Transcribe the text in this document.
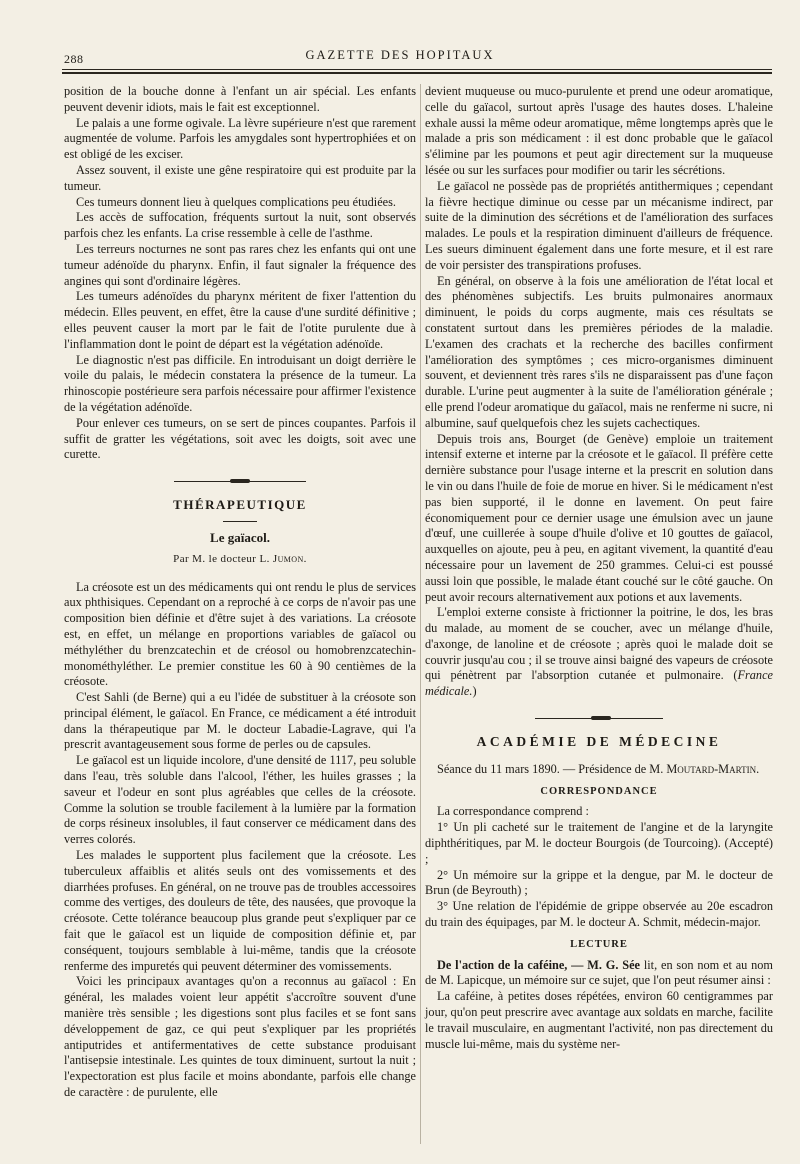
288	GAZETTE DES HOPITAUX

position de la bouche donne à l'enfant un air spécial. Les enfants peuvent devenir idiots, mais le fait est exceptionnel.

Le palais a une forme ogivale. La lèvre supérieure n'est que rarement augmentée de volume. Parfois les amygdales sont hypertrophiées et on est obligé de les exciser.

Assez souvent, il existe une gêne respiratoire qui est produite par la tumeur.

Ces tumeurs donnent lieu à quelques complications peu étudiées.

Les accès de suffocation, fréquents surtout la nuit, sont observés parfois chez les enfants. La crise ressemble à celle de l'asthme.

Les terreurs nocturnes ne sont pas rares chez les enfants qui ont une tumeur adénoïde du pharynx. Enfin, il faut signaler la fréquence des angines qui sont d'ordinaire légères.

Les tumeurs adénoïdes du pharynx méritent de fixer l'attention du médecin. Elles peuvent, en effet, être la cause d'une surdité définitive ; elles peuvent causer la mort par le fait de l'otite purulente due à l'inflammation dont le point de départ est la végétation adénoïde.

Le diagnostic n'est pas difficile. En introduisant un doigt derrière le voile du palais, le médecin constatera la présence de la tumeur. La rhinoscopie postérieure sera parfois nécessaire pour affirmer l'existence de la végétation adénoïde.

Pour enlever ces tumeurs, on se sert de pinces coupantes. Parfois il suffit de gratter les végétations, soit avec les doigts, soit avec une curette.

THÉRAPEUTIQUE
Le gaïacol.
Par M. le docteur L. Jumon.

La créosote est un des médicaments qui ont rendu le plus de services aux phthisiques. Cependant on a reproché à ce corps de n'avoir pas une composition bien définie et d'être sujet à des variations. La créosote est, en effet, un mélange en proportions variables de gaïacol ou méthyléther du brenzcatechin et de créosol ou homobrenzcatechin-monométhyléther. Le premier constitue les 60 à 90 centièmes de la créosote.

C'est Sahli (de Berne) qui a eu l'idée de substituer à la créosote son principal élément, le gaïacol. En France, ce médicament a été introduit dans la thérapeutique par M. le docteur Labadie-Lagrave, qui l'a prescrit avantageusement sous forme de perles ou de capsules.

Le gaïacol est un liquide incolore, d'une densité de 1117, peu soluble dans l'eau, très soluble dans l'alcool, l'éther, les huiles grasses ; la saveur et l'odeur en sont plus agréables que celles de la créosote. Comme la solution se trouble facilement à la lumière par la formation de corps résineux insolubles, il faut conserver ce médicament dans des verres colorés.

Les malades le supportent plus facilement que la créosote. Les tuberculeux affaiblis et alités seuls ont des vomissements et des diarrhées profuses. En général, on ne trouve pas de troubles accessoires comme des vertiges, des douleurs de tête, des nausées, que provoque la créosote. Cette tolérance beaucoup plus grande peut s'expliquer par ce fait que le gaïacol est un liquide de composition définie et, par conséquent, toujours semblable à lui-même, tandis que la créosote renferme des impuretés qui peuvent déterminer des vomissements.

Voici les principaux avantages qu'on a reconnus au gaïacol : En général, les malades voient leur appétit s'accroître souvent d'une manière très sensible ; les digestions sont plus faciles et se font sans développement de gaz, ce qui peut s'expliquer par les propriétés antiputrides et antifermentatives de cette substance produisant l'antisepsie intestinale. Les quintes de toux diminuent, surtout la nuit ; l'expectoration est plus facile et moins abondante, parfois elle change de caractère : de purulente, elle

devient muqueuse ou muco-purulente et prend une odeur aromatique, celle du gaïacol, surtout après l'usage des hautes doses. L'haleine exhale aussi la même odeur aromatique, même longtemps après que le malade a pris son médicament : il est donc probable que le gaïacol s'élimine par les poumons et peut agir directement sur la muqueuse lésée ou sur les surfaces pour modifier ou tarir les sécrétions.

Le gaïacol ne possède pas de propriétés antithermiques ; cependant la fièvre hectique diminue ou cesse par un mécanisme indirect, par suite de la diminution des sécrétions et de l'amélioration des surfaces malades. Le pouls et la respiration diminuent d'ailleurs de fréquence. Les sueurs diminuent également dans une forte mesure, et il est rare de voir persister des transpirations profuses.

En général, on observe à la fois une amélioration de l'état local et des phénomènes subjectifs. Les bruits pulmonaires anormaux diminuent, le poids du corps augmente, mais ces résultats se constatent surtout dans les premières périodes de la maladie. L'examen des crachats et la recherche des bacilles confirment l'amélioration des symptômes ; ces micro-organismes diminuent souvent, et deviennent très rares s'ils ne disparaissent pas d'une façon durable. L'urine peut augmenter à la suite de l'amélioration générale ; elle prend l'odeur aromatique du gaïacol, mais ne renferme ni sucre, ni albumine, sauf quelquefois chez les sujets cachectiques.

Depuis trois ans, Bourget (de Genève) emploie un traitement intensif externe et interne par la créosote et le gaïacol. Il préfère cette dernière substance pour l'usage interne et la prescrit en solution dans le vin ou dans l'huile de foie de morue en hiver. Si le médicament n'est pas bien supporté, il le donne en lavement. On peut faire économiquement pour ce dernier usage une émulsion avec un jaune d'œuf, une cuillerée à soupe d'huile d'olive et 10 gouttes de gaïacol, auxquelles on ajoute, peu à peu, en agitant vivement, la quantité d'eau nécessaire pour un lavement de 250 grammes. Celui-ci est poussé aussi loin que possible, le malade étant couché sur le côté gauche. On peut avoir recours alternativement aux potions et aux lavements.

L'emploi externe consiste à frictionner la poitrine, le dos, les bras du malade, au moment de se coucher, avec un mélange d'huile, d'axonge, de lanoline et de créosote ; après quoi le malade doit se couvrir jusqu'au cou ; il se trouve ainsi baigné des vapeurs de créosote qui pénètrent par l'absorption cutanée et pulmonaire. (France médicale.)

ACADÉMIE DE MÉDECINE

Séance du 11 mars 1890. — Présidence de M. Moutard-Martin.

CORRESPONDANCE

La correspondance comprend :

1° Un pli cacheté sur le traitement de l'angine et de la laryngite diphthéritiques, par M. le docteur Bourgois (de Tourcoing). (Accepté) ;

2° Un mémoire sur la grippe et la dengue, par M. le docteur de Brun (de Beyrouth) ;

3° Une relation de l'épidémie de grippe observée au 20e escadron du train des équipages, par M. le docteur A. Schmit, médecin-major.

LECTURE

De l'action de la caféine, — M. G. Sée lit, en son nom et au nom de M. Lapicque, un mémoire sur ce sujet, que l'on peut résumer ainsi :

La caféine, à petites doses répétées, environ 60 centigrammes par jour, qu'on peut prescrire avec avantage aux soldats en marche, facilite le travail musculaire, en augmentant l'activité, non pas directement du muscle lui-même, mais du système ner-
